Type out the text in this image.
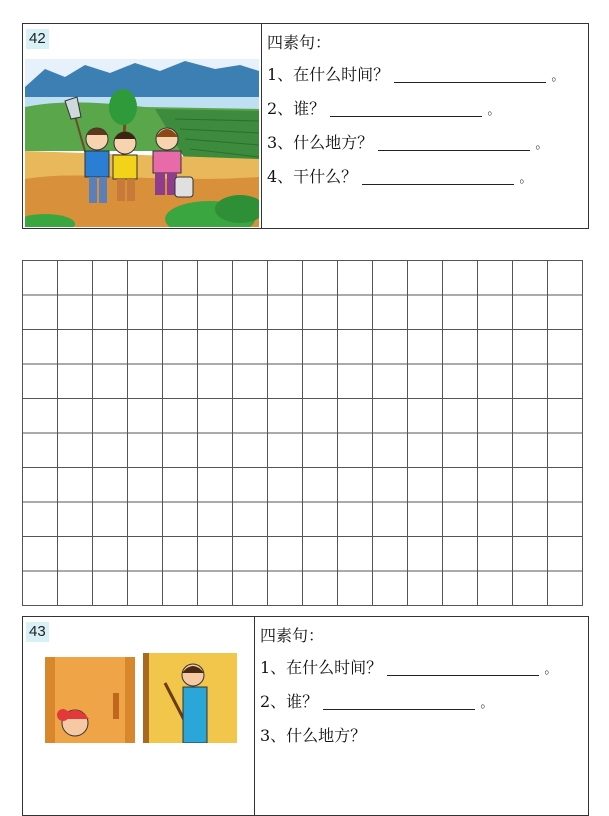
42	四素句：
1、在什么时间？	。
2、谁？	。
3、什么地方？	。
4、干什么？	。
43	四素句：
1、在什么时间？	。
2、谁？	。
3、什么地方？
